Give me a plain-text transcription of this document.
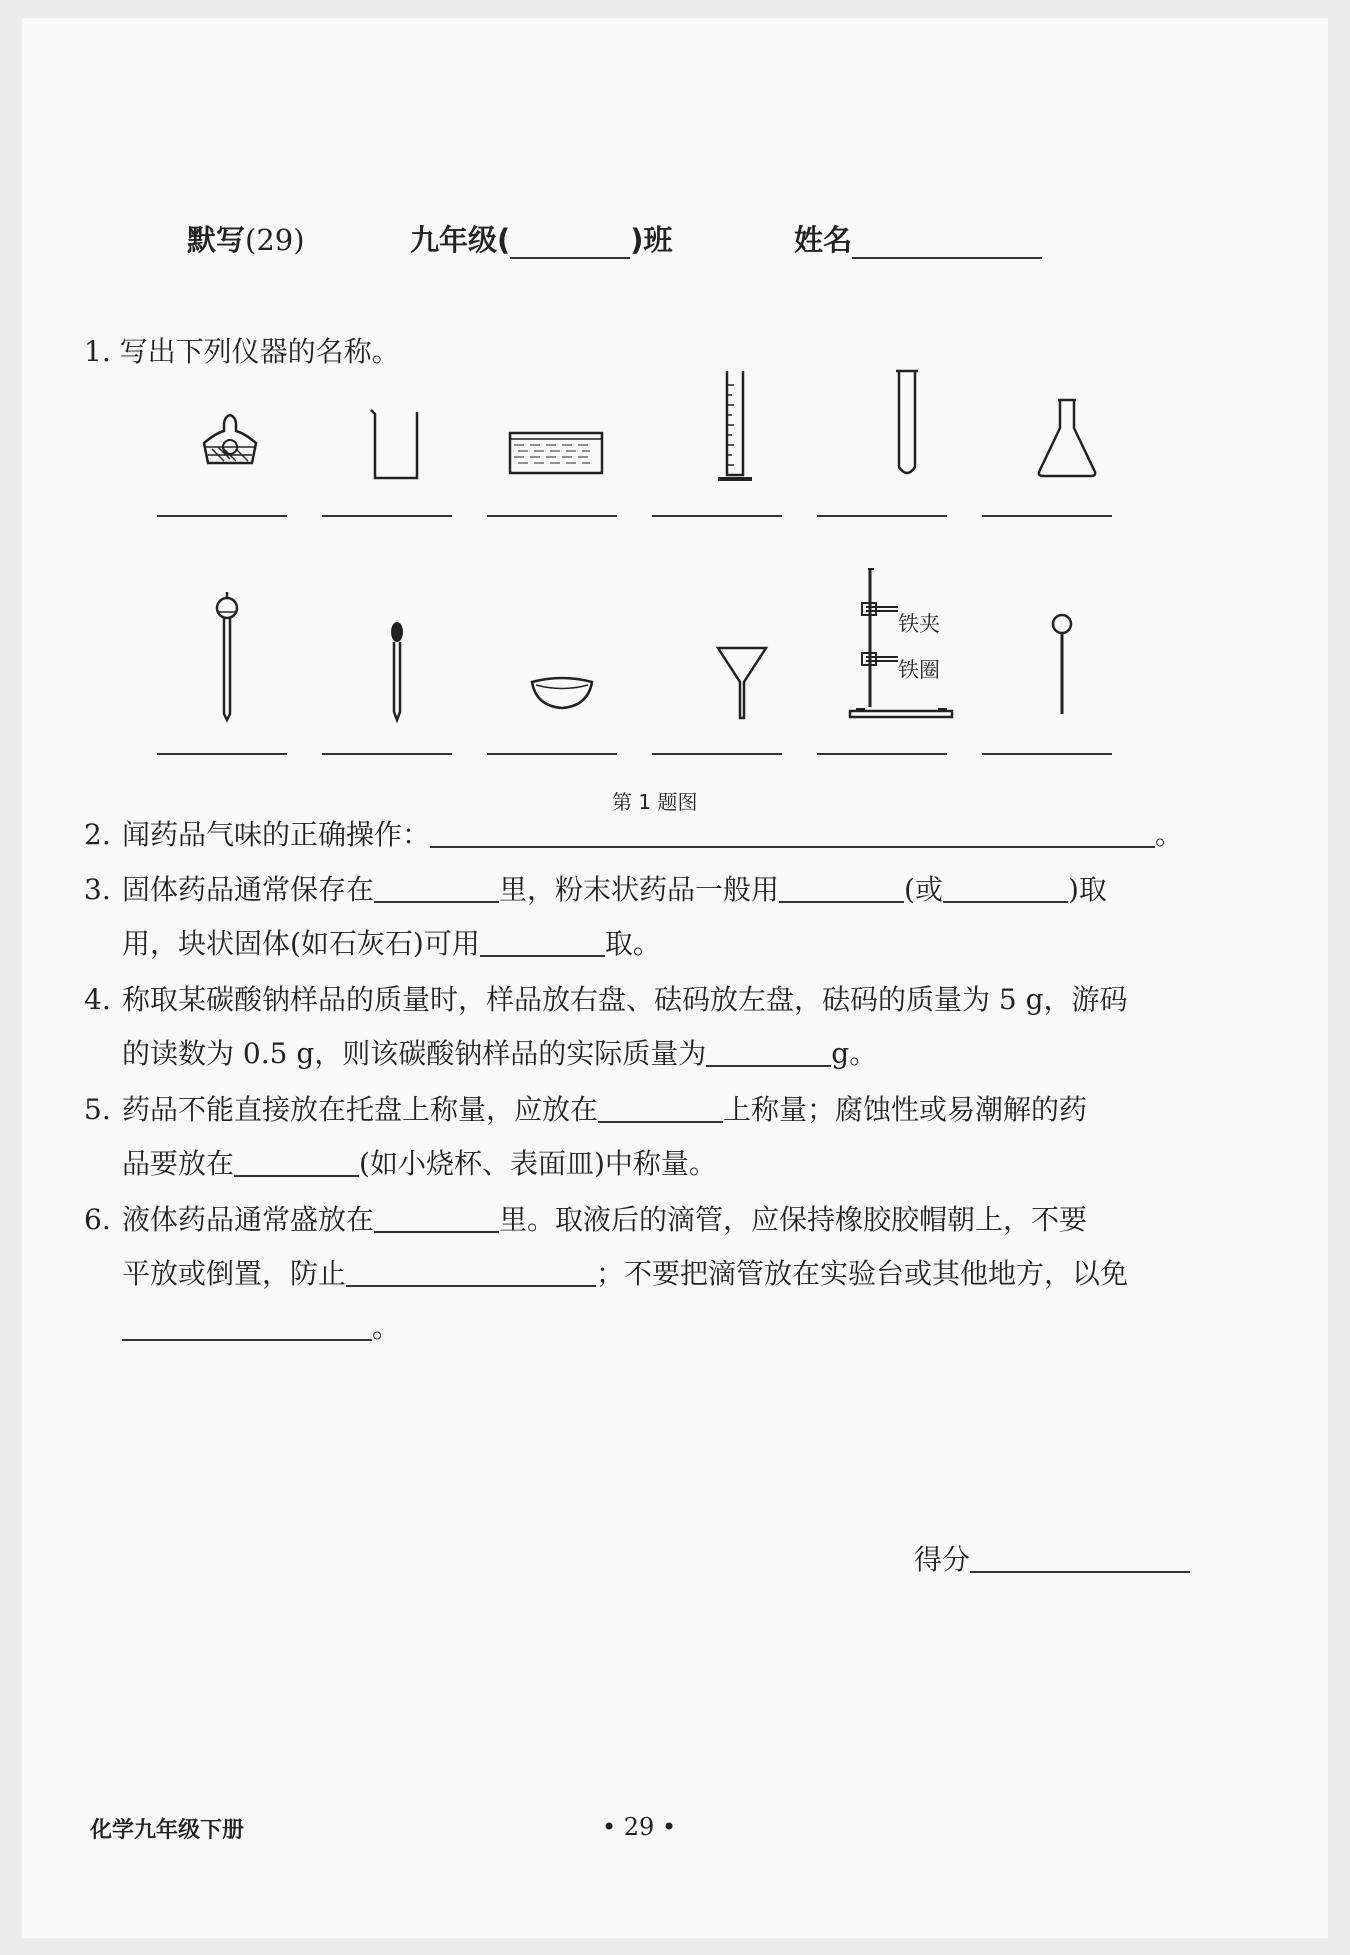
默写(29)	九年级(	)班	姓名
1. 写出下列仪器的名称。
铁夹
铁圈
第 1 题图
2. 闻药品气味的正确操作：	。
3. 固体药品通常保存在	里，粉末状药品一般用	(或	)取
用，块状固体(如石灰石)可用	取。
4. 称取某碳酸钠样品的质量时，样品放右盘、砝码放左盘，砝码的质量为 5 g，游码
的读数为 0.5 g，则该碳酸钠样品的实际质量为	g。
5. 药品不能直接放在托盘上称量，应放在	上称量；腐蚀性或易潮解的药
品要放在	(如小烧杯、表面皿)中称量。
6. 液体药品通常盛放在	里。取液后的滴管，应保持橡胶胶帽朝上，不要
平放或倒置，防止	；不要把滴管放在实验台或其他地方，以免
。
得分
化学九年级下册	• 29 •
